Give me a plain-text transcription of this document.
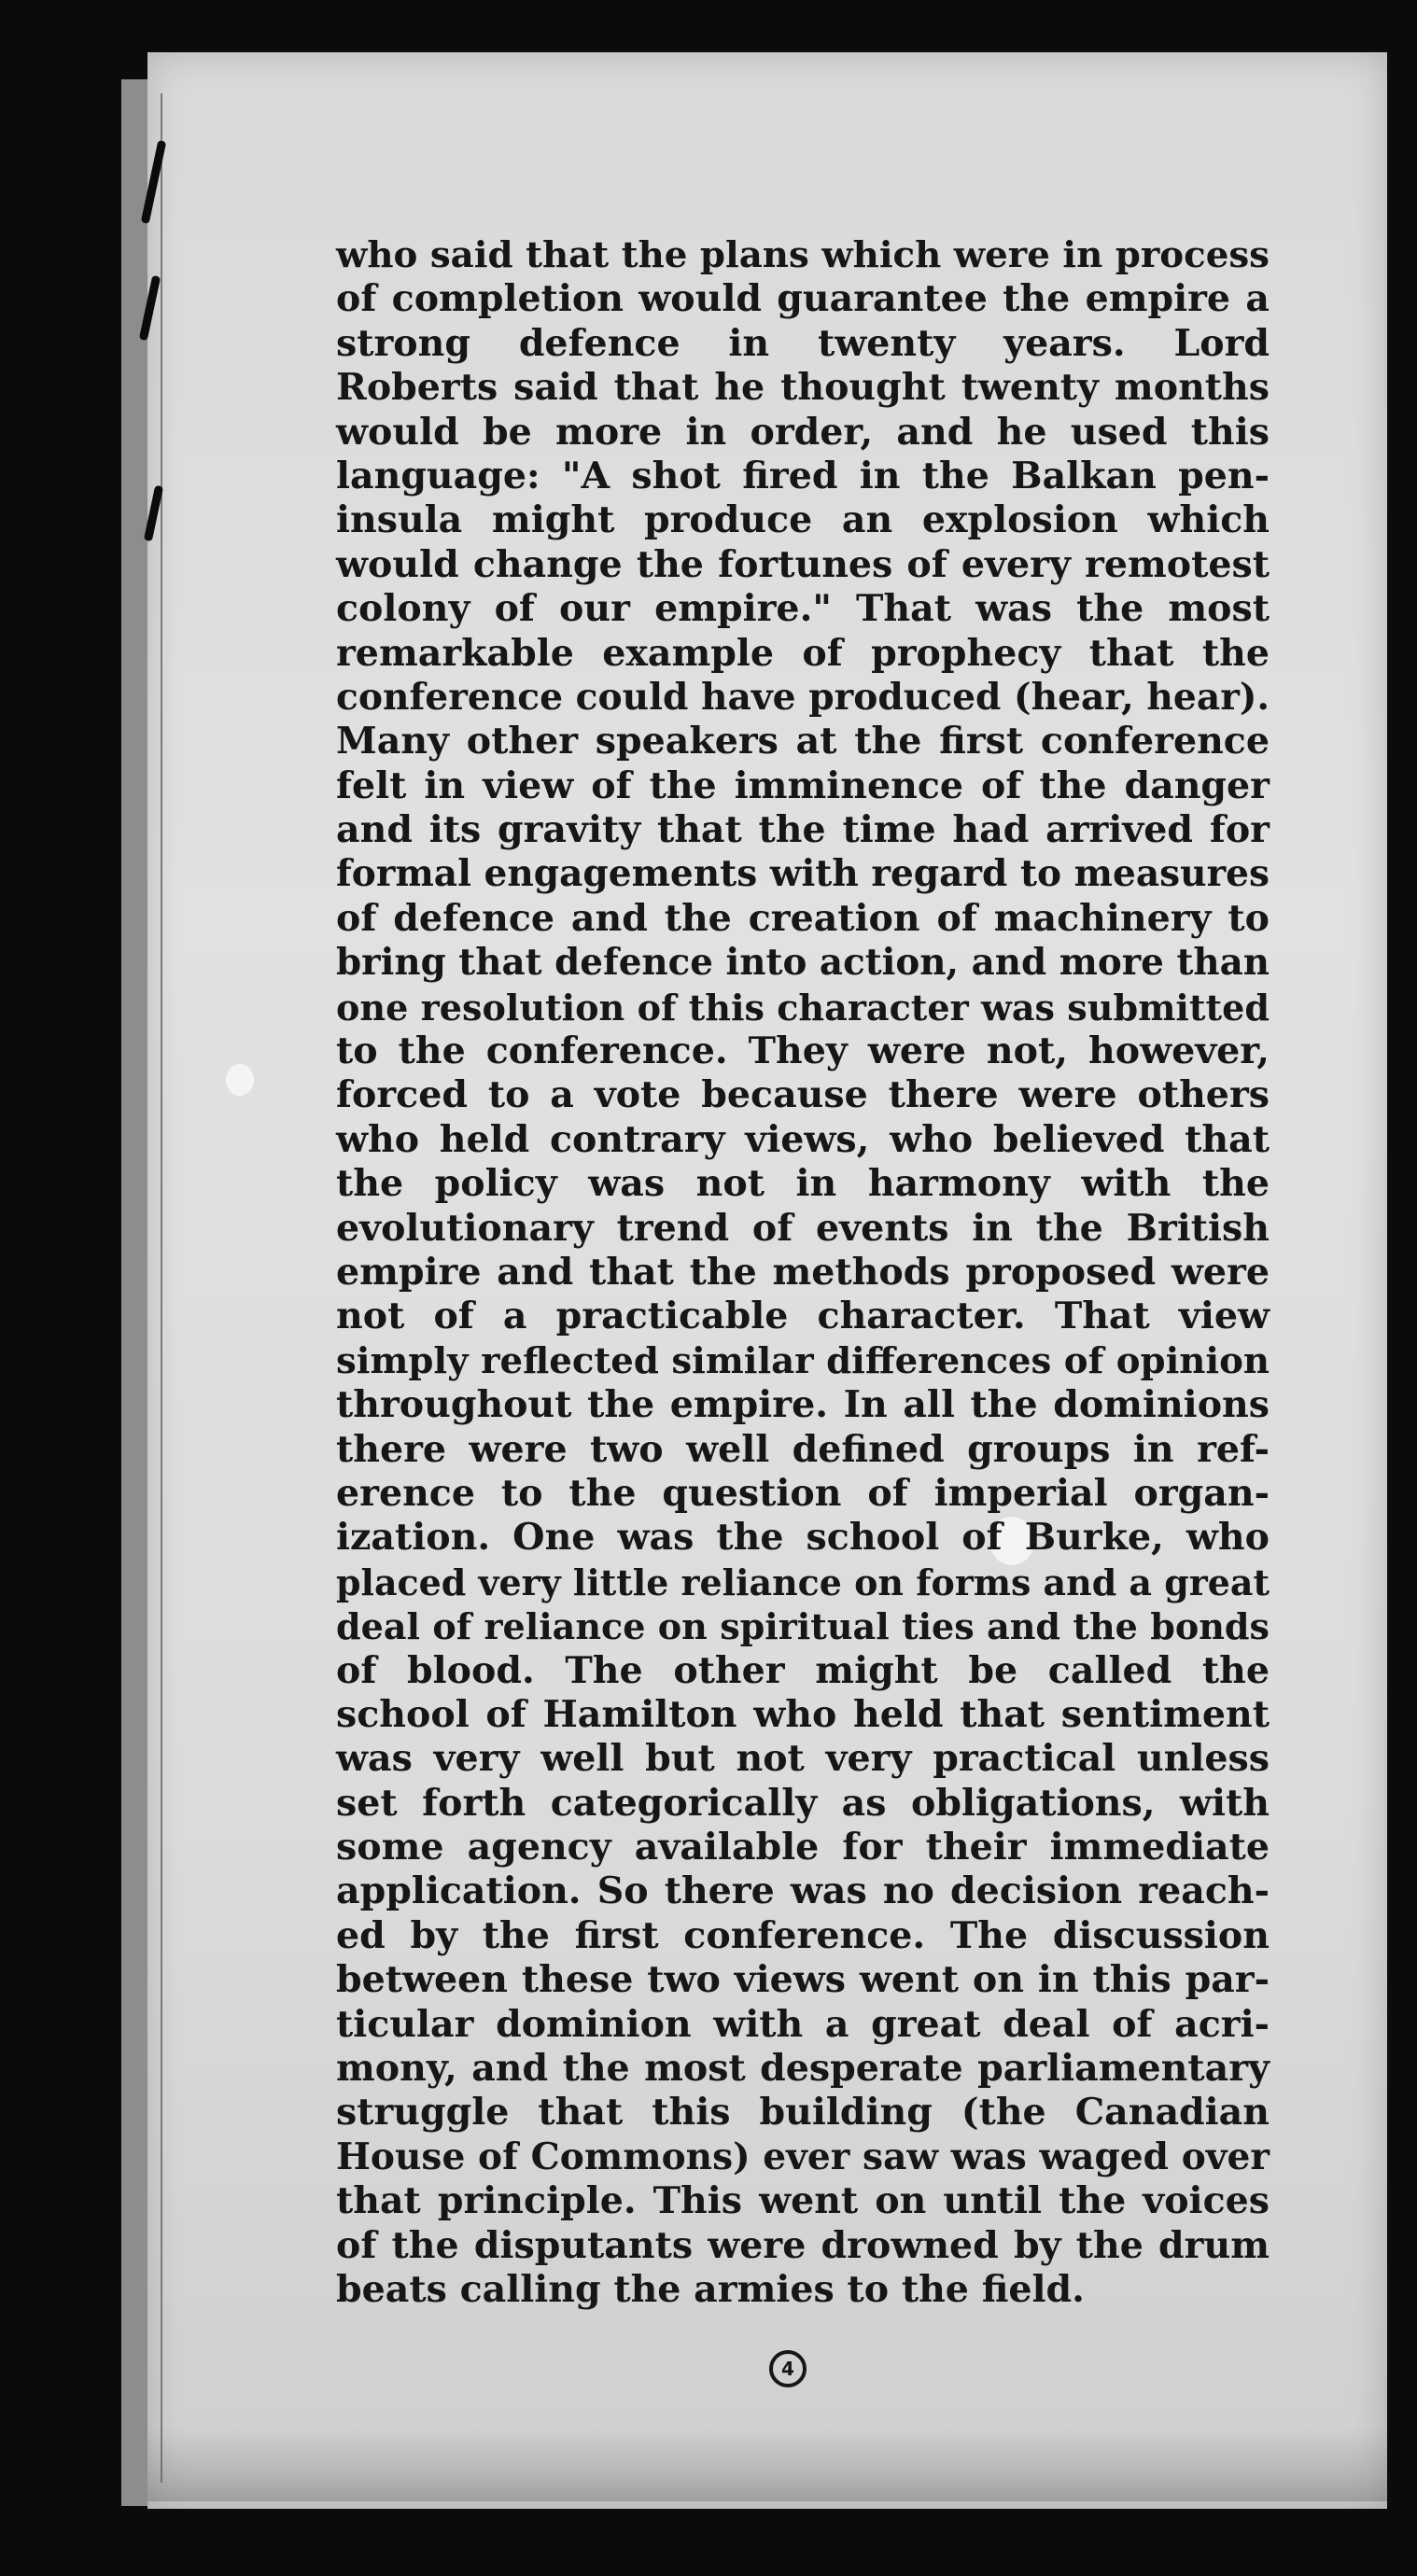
who said that the plans which were in process
of completion would guarantee the empire a
strong defence in twenty years. Lord
Roberts said that he thought twenty months
would be more in order, and he used this
language: "A shot fired in the Balkan pen-
insula might produce an explosion which
would change the fortunes of every remotest
colony of our empire." That was the most
remarkable example of prophecy that the
conference could have produced (hear, hear).
Many other speakers at the first conference
felt in view of the imminence of the danger
and its gravity that the time had arrived for
formal engagements with regard to measures
of defence and the creation of machinery to
bring that defence into action, and more than
one resolution of this character was submitted
to the conference. They were not, however,
forced to a vote because there were others
who held contrary views, who believed that
the policy was not in harmony with the
evolutionary trend of events in the British
empire and that the methods proposed were
not of a practicable character. That view
simply reflected similar differences of opinion
throughout the empire. In all the dominions
there were two well defined groups in ref-
erence to the question of imperial organ-
ization. One was the school of Burke, who
placed very little reliance on forms and a great
deal of reliance on spiritual ties and the bonds
of blood. The other might be called the
school of Hamilton who held that sentiment
was very well but not very practical unless
set forth categorically as obligations, with
some agency available for their immediate
application. So there was no decision reach-
ed by the first conference. The discussion
between these two views went on in this par-
ticular dominion with a great deal of acri-
mony, and the most desperate parliamentary
struggle that this building (the Canadian
House of Commons) ever saw was waged over
that principle. This went on until the voices
of the disputants were drowned by the drum
beats calling the armies to the field.
4
